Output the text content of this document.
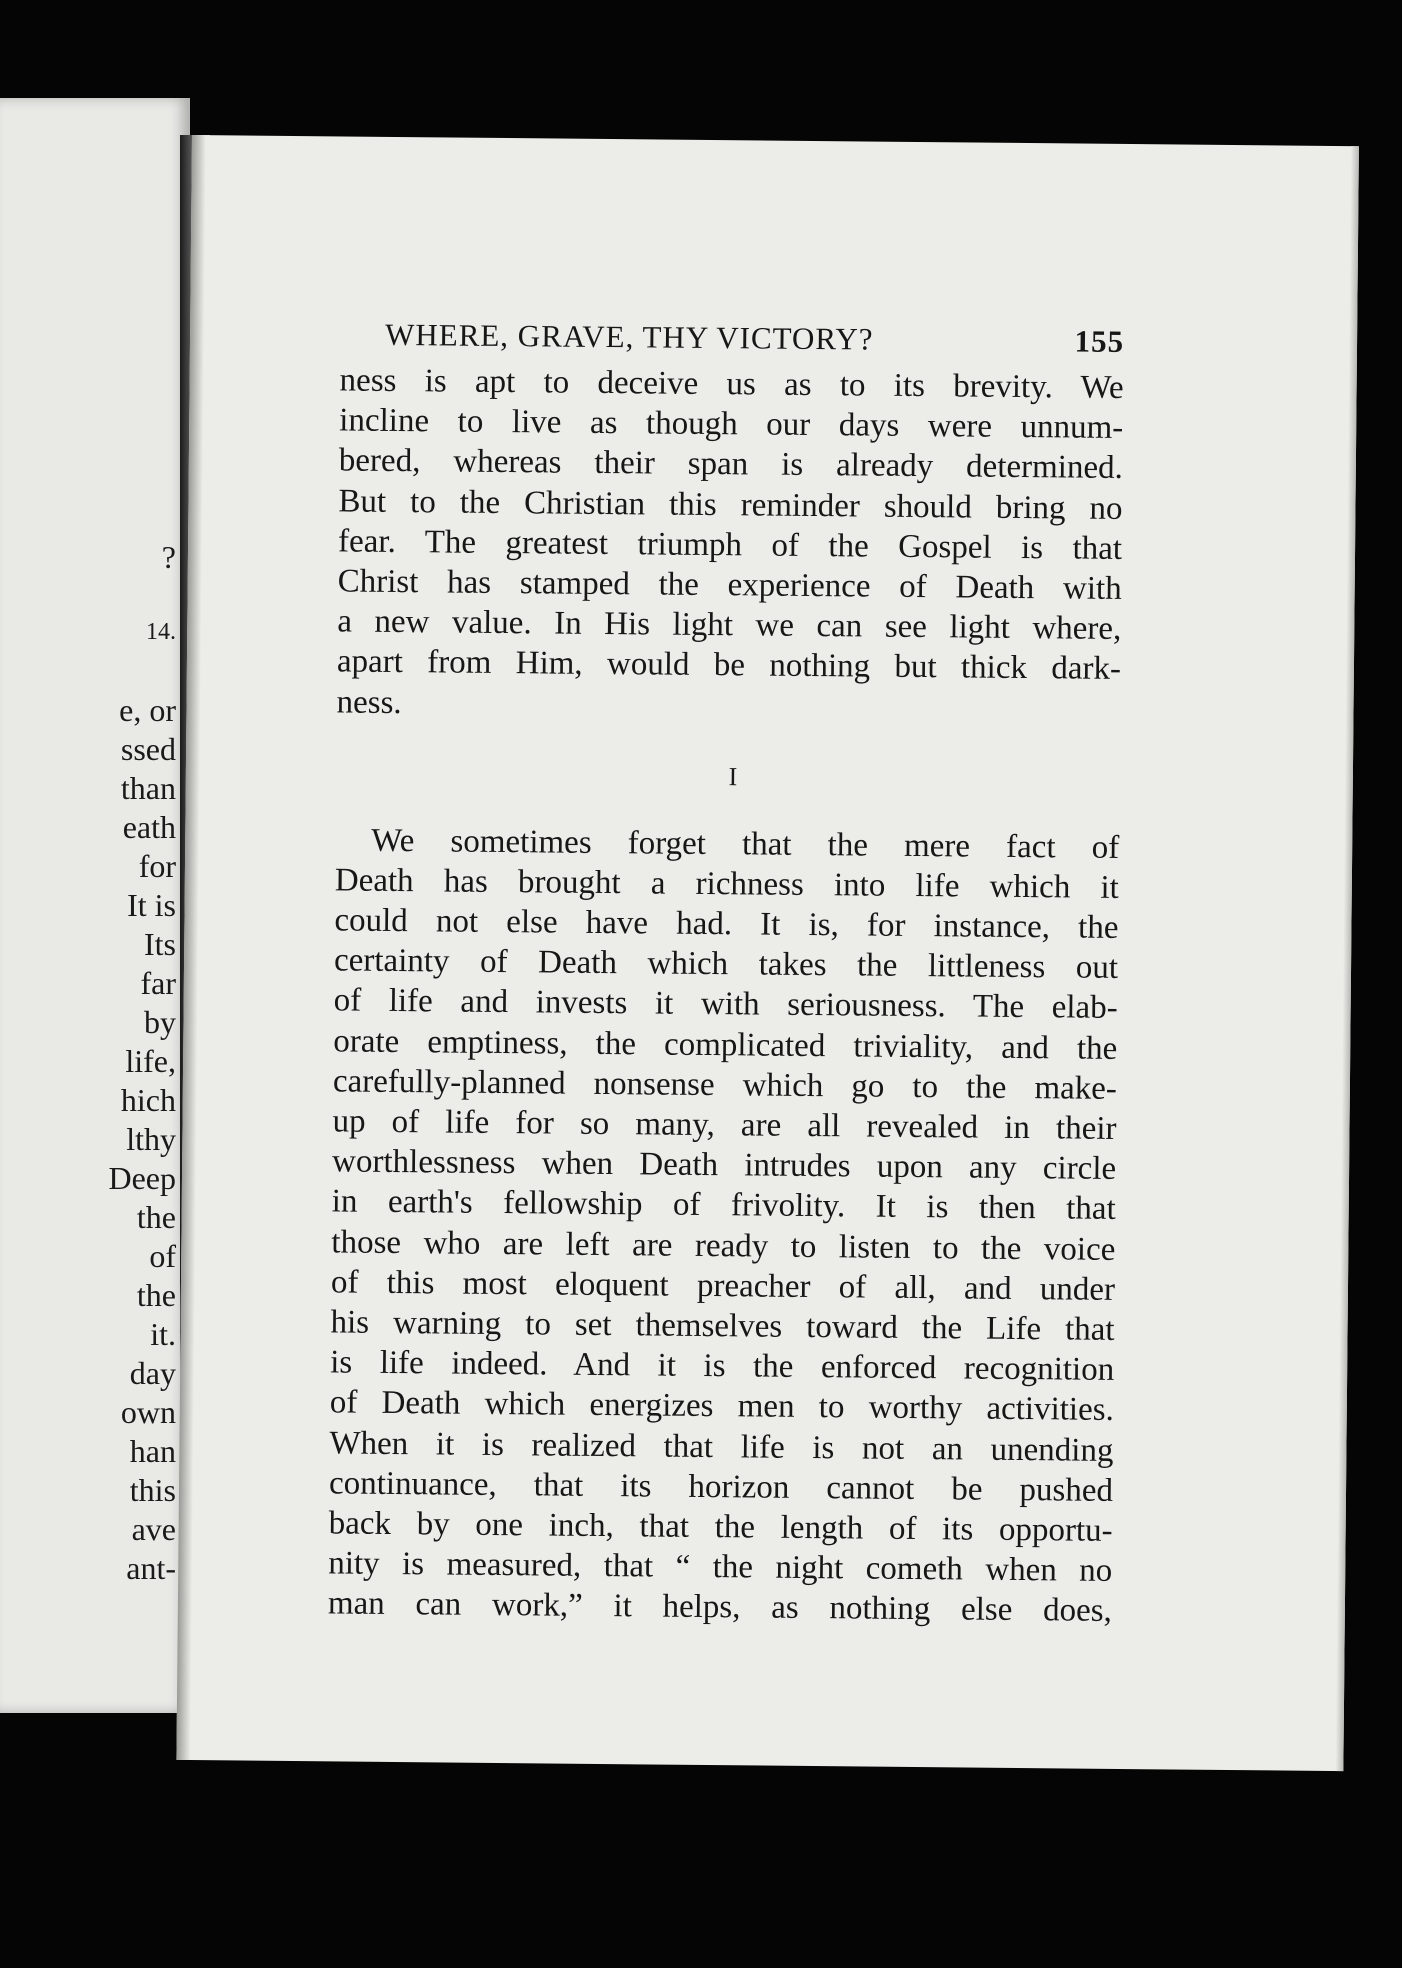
?
14.
e, or
ssed
than
eath
for
It is
Its
far
by
life,
hich
lthy
Deep
the
of
the
it.
day
own
han
this
ave
ant-
WHERE, GRAVE, THY VICTORY?	155
ness is apt to deceive us as to its brevity. We
incline to live as though our days were unnum-
bered, whereas their span is already determined.
But to the Christian this reminder should bring no
fear. The greatest triumph of the Gospel is that
Christ has stamped the experience of Death with
a new value. In His light we can see light where,
apart from Him, would be nothing but thick dark-
ness.
I
We sometimes forget that the mere fact of
Death has brought a richness into life which it
could not else have had. It is, for instance, the
certainty of Death which takes the littleness out
of life and invests it with seriousness. The elab-
orate emptiness, the complicated triviality, and the
carefully-planned nonsense which go to the make-
up of life for so many, are all revealed in their
worthlessness when Death intrudes upon any circle
in earth's fellowship of frivolity. It is then that
those who are left are ready to listen to the voice
of this most eloquent preacher of all, and under
his warning to set themselves toward the Life that
is life indeed. And it is the enforced recognition
of Death which energizes men to worthy activities.
When it is realized that life is not an unending
continuance, that its horizon cannot be pushed
back by one inch, that the length of its opportu-
nity is measured, that “ the night cometh when no
man can work,” it helps, as nothing else does,
